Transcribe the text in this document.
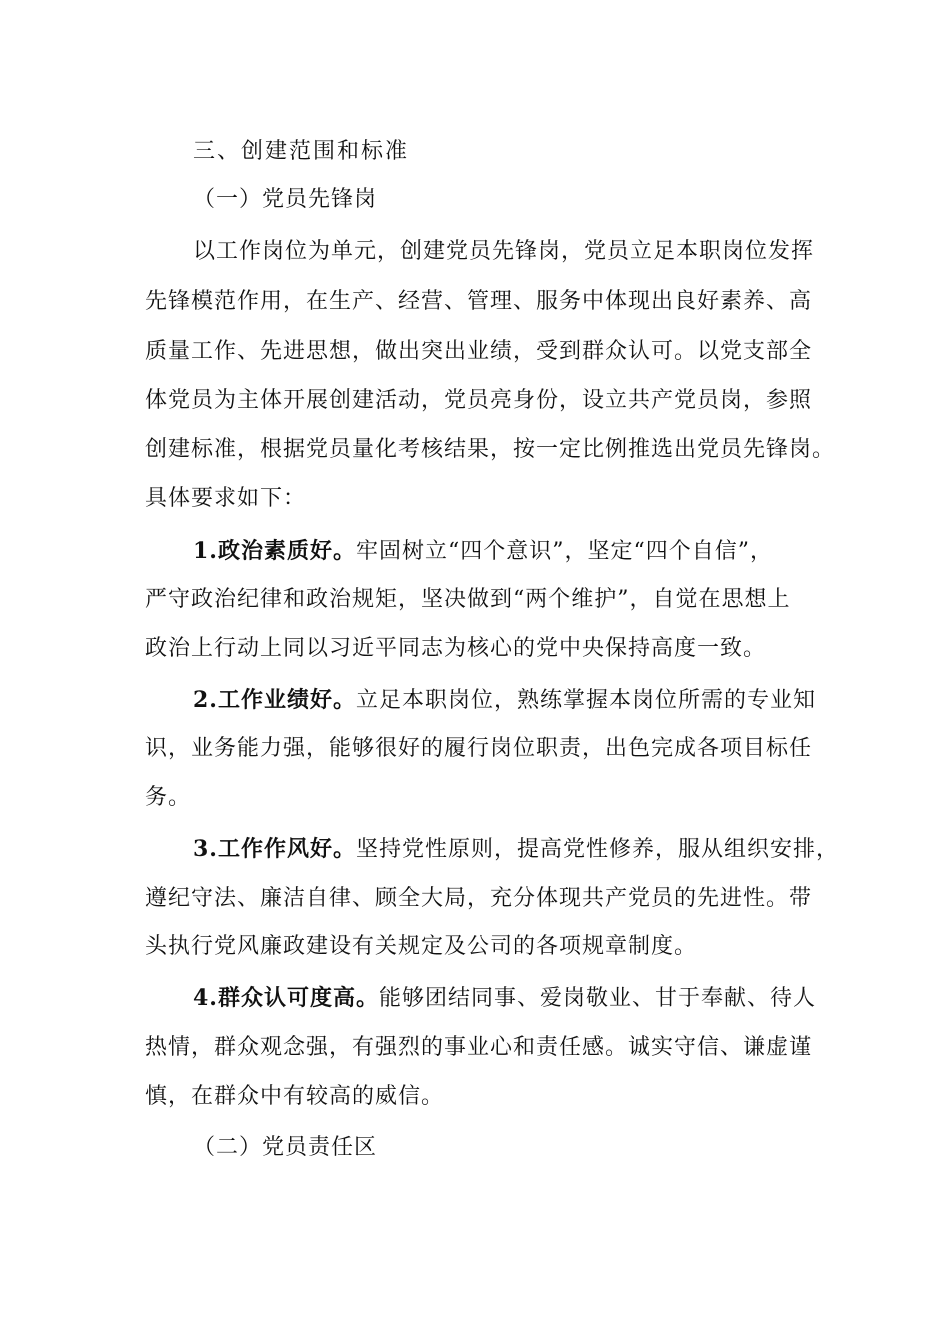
三、创建范围和标准
（一）党员先锋岗
以工作岗位为单元，创建党员先锋岗，党员立足本职岗位发挥
先锋模范作用，在生产、经营、管理、服务中体现出良好素养、高
质量工作、先进思想，做出突出业绩，受到群众认可。以党支部全
体党员为主体开展创建活动，党员亮身份，设立共产党员岗，参照
创建标准，根据党员量化考核结果，按一定比例推选出党员先锋岗。
具体要求如下：
1.政治素质好。牢固树立“四个意识”，坚定“四个自信”，
严守政治纪律和政治规矩，坚决做到“两个维护”，自觉在思想上
政治上行动上同以习近平同志为核心的党中央保持高度一致。
2.工作业绩好。立足本职岗位，熟练掌握本岗位所需的专业知
识，业务能力强，能够很好的履行岗位职责，出色完成各项目标任
务。
3.工作作风好。坚持党性原则，提高党性修养，服从组织安排，
遵纪守法、廉洁自律、顾全大局，充分体现共产党员的先进性。带
头执行党风廉政建设有关规定及公司的各项规章制度。
4.群众认可度高。能够团结同事、爱岗敬业、甘于奉献、待人
热情，群众观念强，有强烈的事业心和责任感。诚实守信、谦虚谨
慎，在群众中有较高的威信。
（二）党员责任区
